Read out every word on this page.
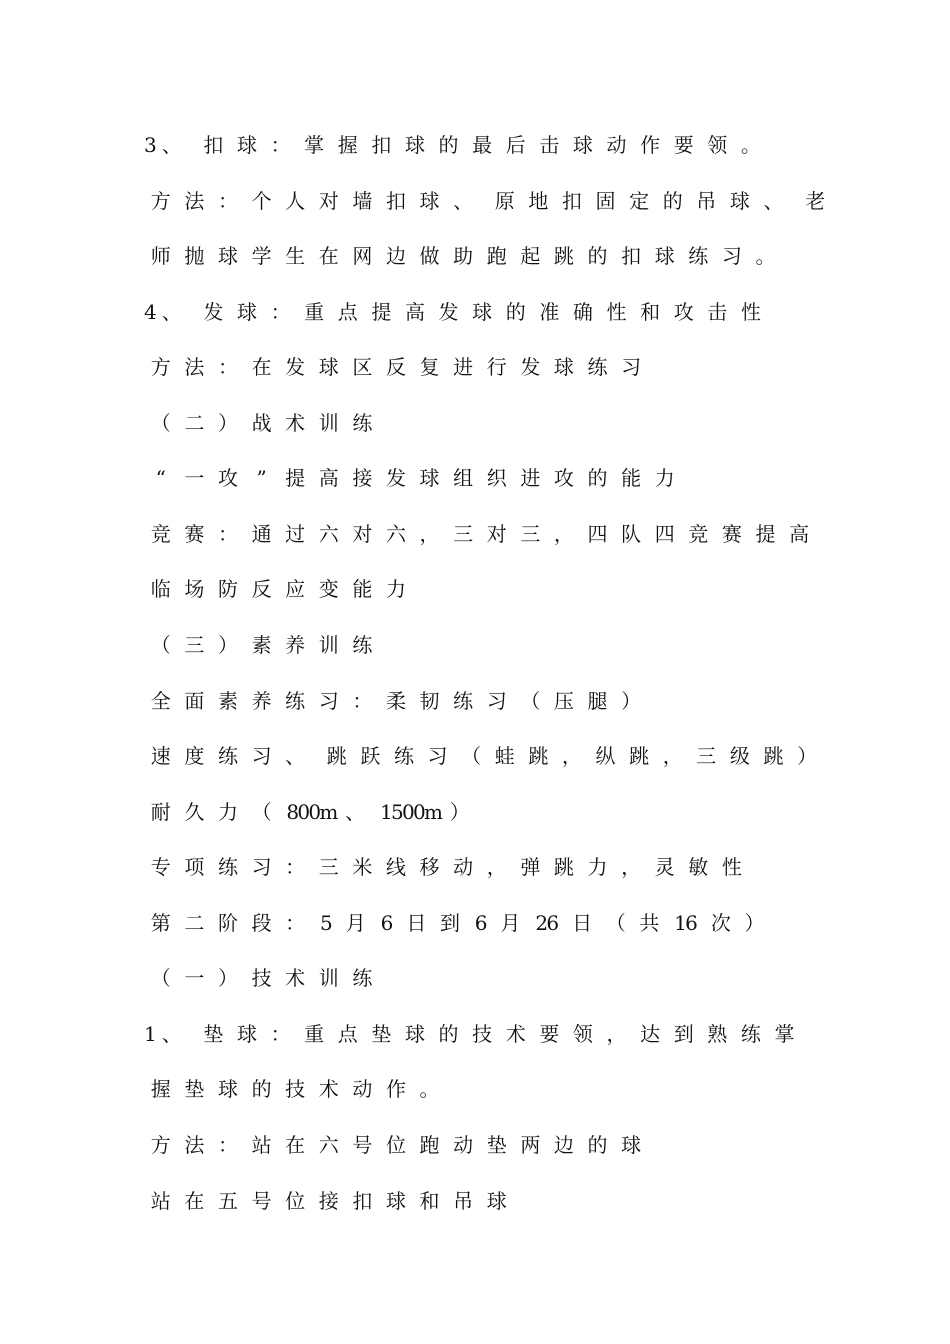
3 、 扣 球 ： 掌 握 扣 球 的 最 后 击 球 动 作 要 领 。

方 法 ： 个 人 对 墙 扣 球 、 原 地 扣 固 定 的 吊 球 、 老

师 抛 球 学 生 在 网 边 做 助 跑 起 跳 的 扣 球 练 习 。

4 、 发 球 ： 重 点 提 高 发 球 的 准 确 性 和 攻 击 性

方 法 ： 在 发 球 区 反 复 进 行 发 球 练 习

（ 二 ） 战 术 训 练

“ 一 攻 ” 提 高 接 发 球 组 织 进 攻 的 能 力

竞 赛 ： 通 过 六 对 六 ， 三 对 三 ， 四 队 四 竞 赛 提 高

临 场 防 反 应 变 能 力

（ 三 ） 素 养 训 练

全 面 素 养 练 习 ： 柔 韧 练 习 （ 压 腿 ）

速 度 练 习 、 跳 跃 练 习 （ 蛙 跳 ， 纵 跳 ， 三 级 跳 ）

耐 久 力 （ 800m 、 1500m ）

专 项 练 习 ： 三 米 线 移 动 ， 弹 跳 力 ， 灵 敏 性

第 二 阶 段 ： 5 月 6 日 到 6 月 26 日 （ 共 16 次 ）

（ 一 ） 技 术 训 练

1 、 垫 球 ： 重 点 垫 球 的 技 术 要 领 ， 达 到 熟 练 掌

握 垫 球 的 技 术 动 作 。

方 法 ： 站 在 六 号 位 跑 动 垫 两 边 的 球

站 在 五 号 位 接 扣 球 和 吊 球
